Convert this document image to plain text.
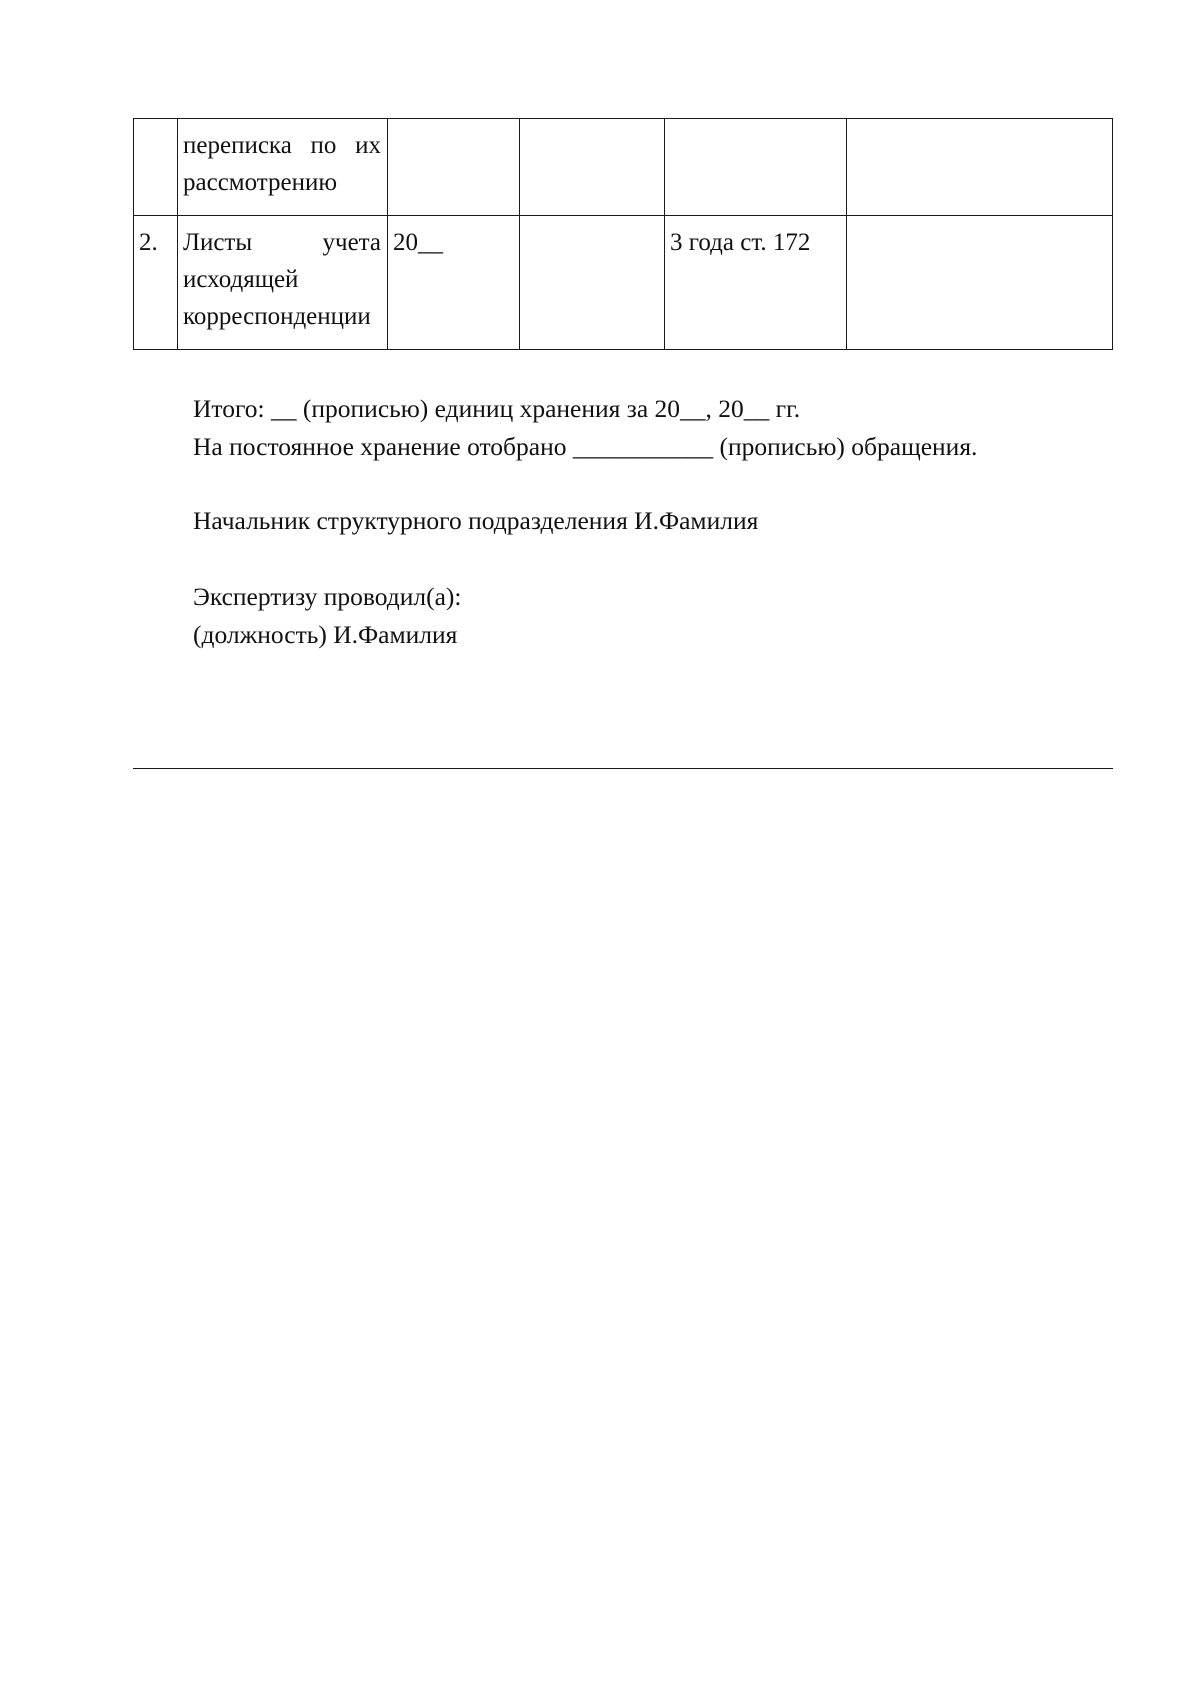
	переписка по их рассмотрению				
2.	Листы учета исходящей корреспонденции	20__		3 года ст. 172	
Итого: __ (прописью) единиц хранения за 20__, 20__ гг.
На постоянное хранение отобрано ___________ (прописью) обращения.
Начальник структурного подразделения И.Фамилия
Экспертизу проводил(а):
(должность) И.Фамилия
